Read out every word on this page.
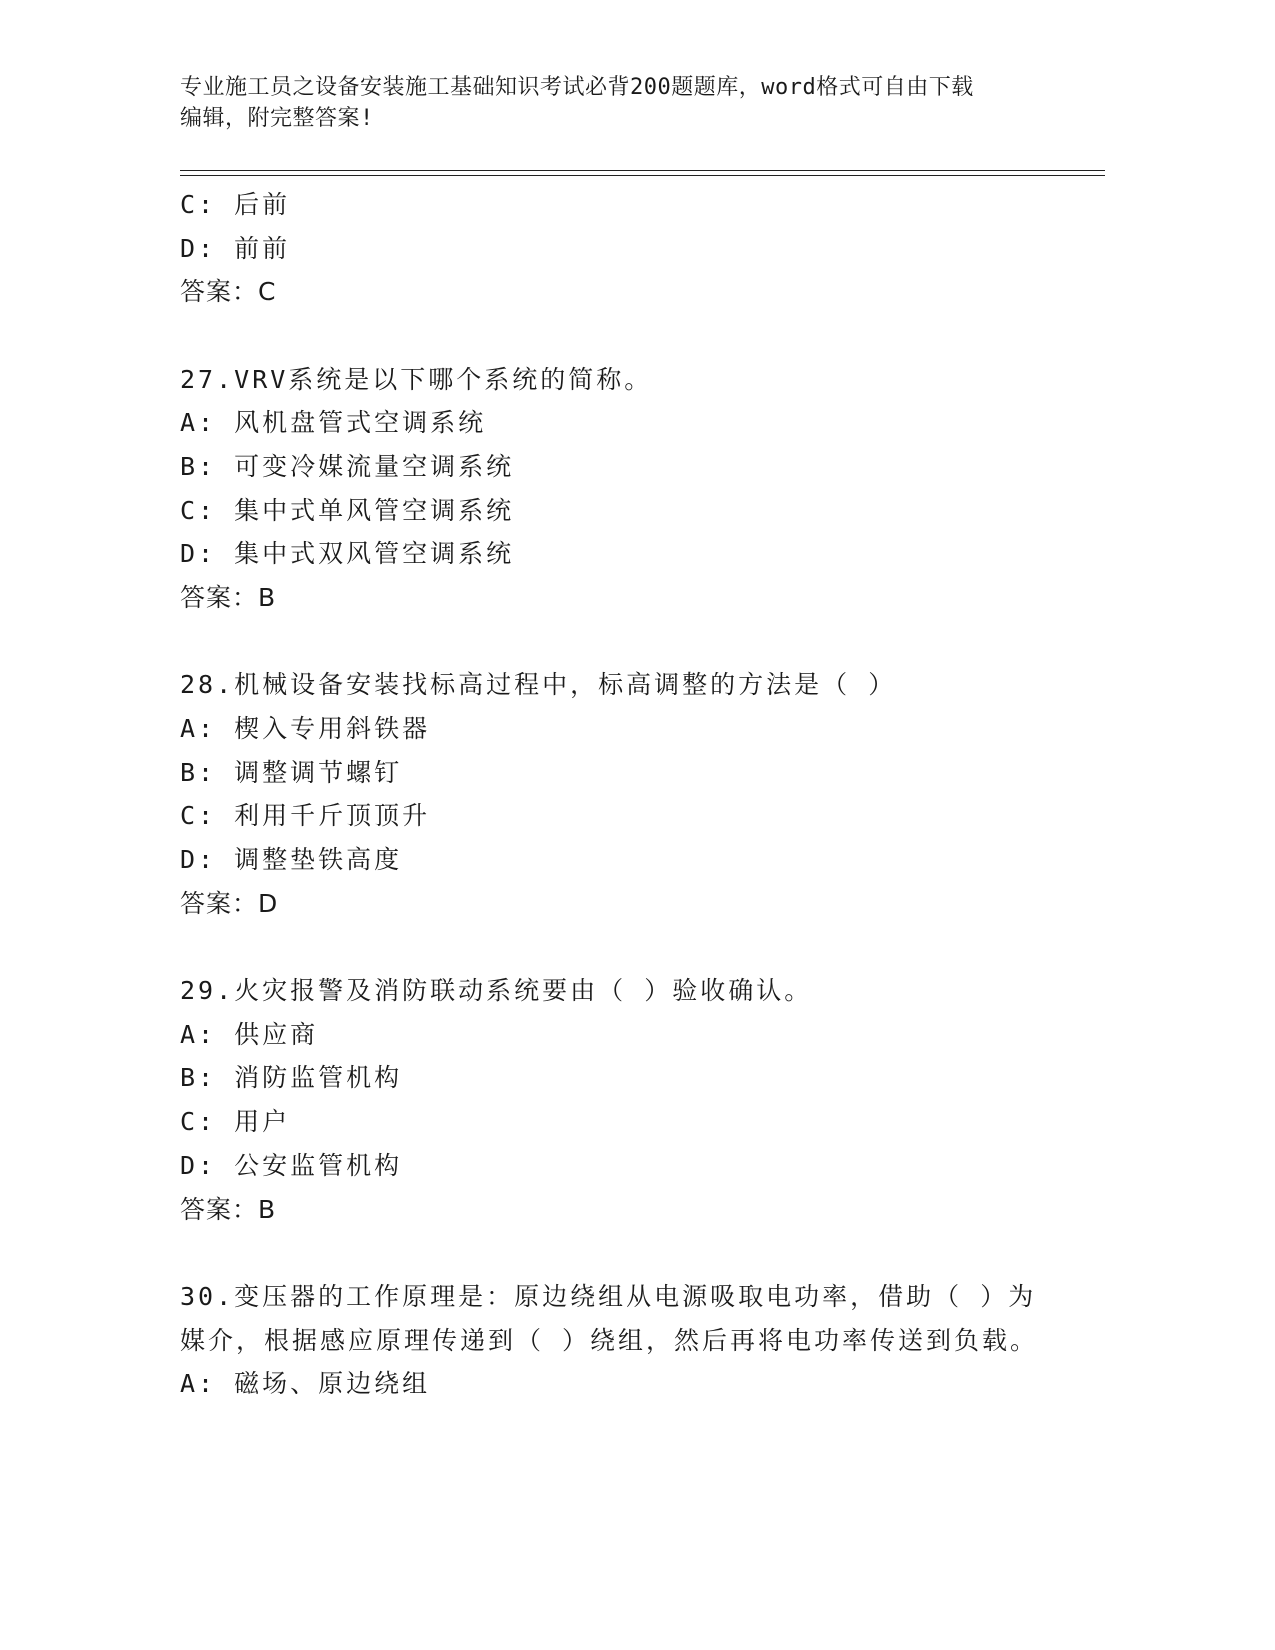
专业施工员之设备安装施工基础知识考试必背200题题库，word格式可自由下载
编辑，附完整答案!
C: 后前
D: 前前
答案：C
27.VRV系统是以下哪个系统的简称。
A: 风机盘管式空调系统
B: 可变冷媒流量空调系统
C: 集中式单风管空调系统
D: 集中式双风管空调系统
答案：B
28.机械设备安装找标高过程中，标高调整的方法是（ ）
A: 楔入专用斜铁器
B: 调整调节螺钉
C: 利用千斤顶顶升
D: 调整垫铁高度
答案：D
29.火灾报警及消防联动系统要由（ ）验收确认。
A: 供应商
B: 消防监管机构
C: 用户
D: 公安监管机构
答案：B
30.变压器的工作原理是：原边绕组从电源吸取电功率，借助（ ）为
媒介，根据感应原理传递到（ ）绕组，然后再将电功率传送到负载。
A: 磁场、原边绕组
